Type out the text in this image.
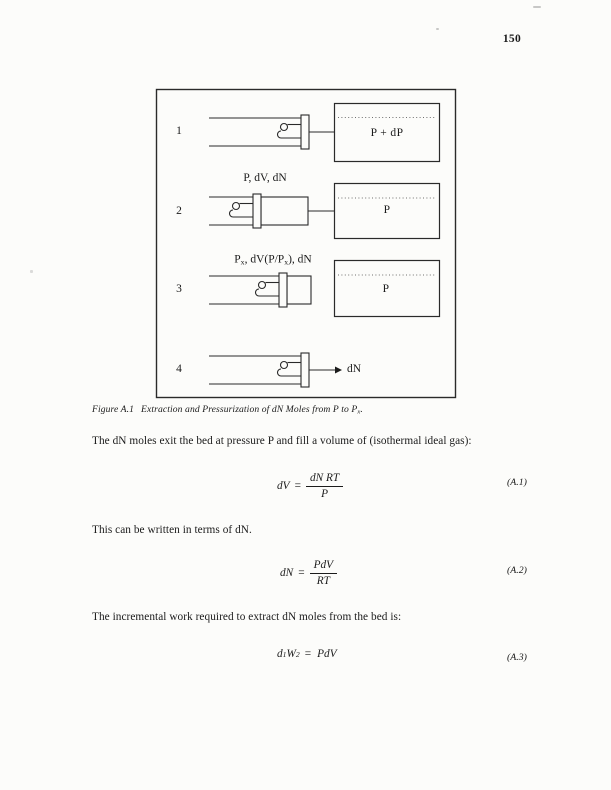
150
1
2
3
4
P, dV, dN
Px, dV(P/Px), dN
P + dP
P
P
dN
Figure A.1 Extraction and Pressurization of dN Moles from P to Px.
The dN moles exit the bed at pressure P and fill a volume of (isothermal ideal gas):
dV = $\frac{\text{dN RT}}{P}$	(A.1)
This can be written in terms of dN.
dN = $\frac{\text{PdV}}{RT}$	(A.2)
The incremental work required to extract dN moles from the bed is:
d 1 W 2 = PdV	(A.3)
